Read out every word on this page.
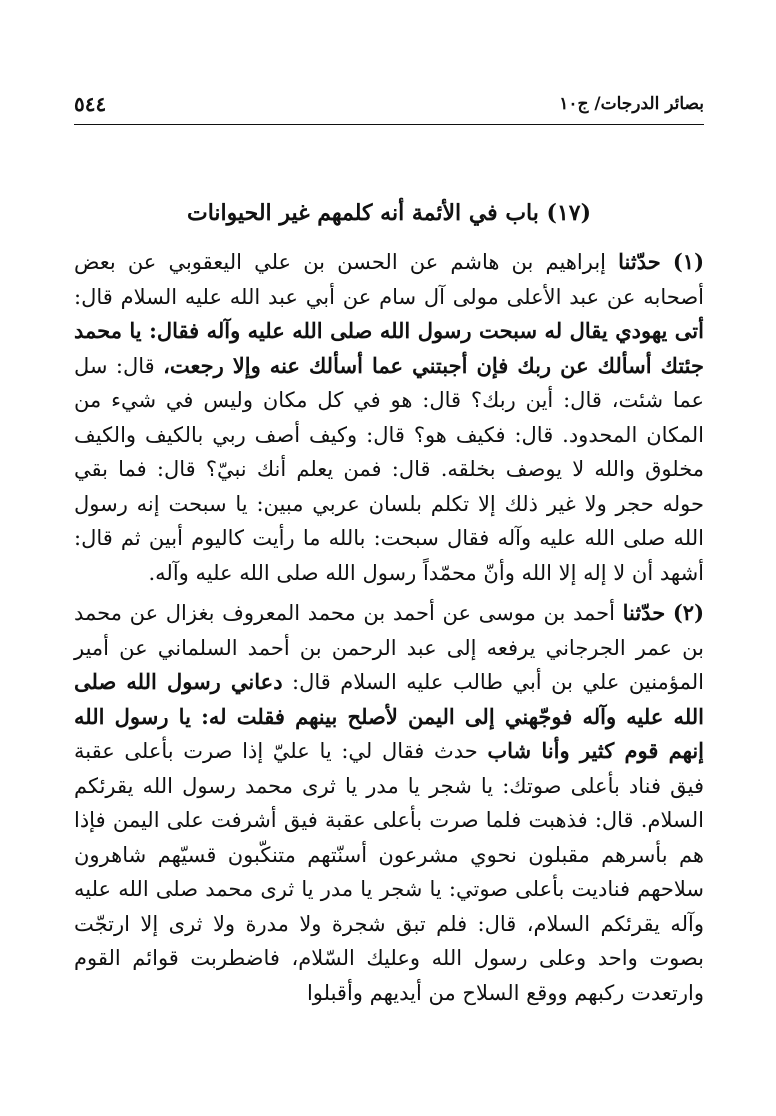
بصائر الدرجات/ ج١٠
٥٤٤
(١٧) باب في الأئمة أنه كلمهم غير الحيوانات

(١) حدّثنا إبراهيم بن هاشم عن الحسن بن علي اليعقوبي عن بعض أصحابه عن عبد الأعلى مولى آل سام عن أبي عبد الله عليه السلام قال: أتى يهودي يقال له سبحت رسول الله صلى الله عليه وآله فقال: يا محمد جئتك أسألك عن ربك فإن أجبتني عما أسألك عنه وإلا رجعت، قال: سل عما شئت، قال: أين ربك؟ قال: هو في كل مكان وليس في شيء من المكان المحدود. قال: فكيف هو؟ قال: وكيف أصف ربي بالكيف والكيف مخلوق والله لا يوصف بخلقه. قال: فمن يعلم أنك نبيّ؟ قال: فما بقي حوله حجر ولا غير ذلك إلا تكلم بلسان عربي مبين: يا سبحت إنه رسول الله صلى الله عليه وآله فقال سبحت: بالله ما رأيت كاليوم أبين ثم قال: أشهد أن لا إله إلا الله وأنّ محمّداً رسول الله صلى الله عليه وآله.

(٢) حدّثنا أحمد بن موسى عن أحمد بن محمد المعروف بغزال عن محمد بن عمر الجرجاني يرفعه إلى عبد الرحمن بن أحمد السلماني عن أمير المؤمنين علي بن أبي طالب عليه السلام قال: دعاني رسول الله صلى الله عليه وآله فوجّهني إلى اليمن لأصلح بينهم فقلت له: يا رسول الله إنهم قوم كثير وأنا شاب حدث فقال لي: يا عليّ إذا صرت بأعلى عقبة فيق فناد بأعلى صوتك: يا شجر يا مدر يا ثرى محمد رسول الله يقرئكم السلام. قال: فذهبت فلما صرت بأعلى عقبة فيق أشرفت على اليمن فإذا هم بأسرهم مقبلون نحوي مشرعون أسنّتهم متنكّبون قسيّهم شاهرون سلاحهم فناديت بأعلى صوتي: يا شجر يا مدر يا ثرى محمد صلى الله عليه وآله يقرئكم السلام، قال: فلم تبق شجرة ولا مدرة ولا ثرى إلا ارتجّت بصوت واحد وعلى رسول الله وعليك السّلام، فاضطربت قوائم القوم وارتعدت ركبهم ووقع السلاح من أيديهم وأقبلوا
